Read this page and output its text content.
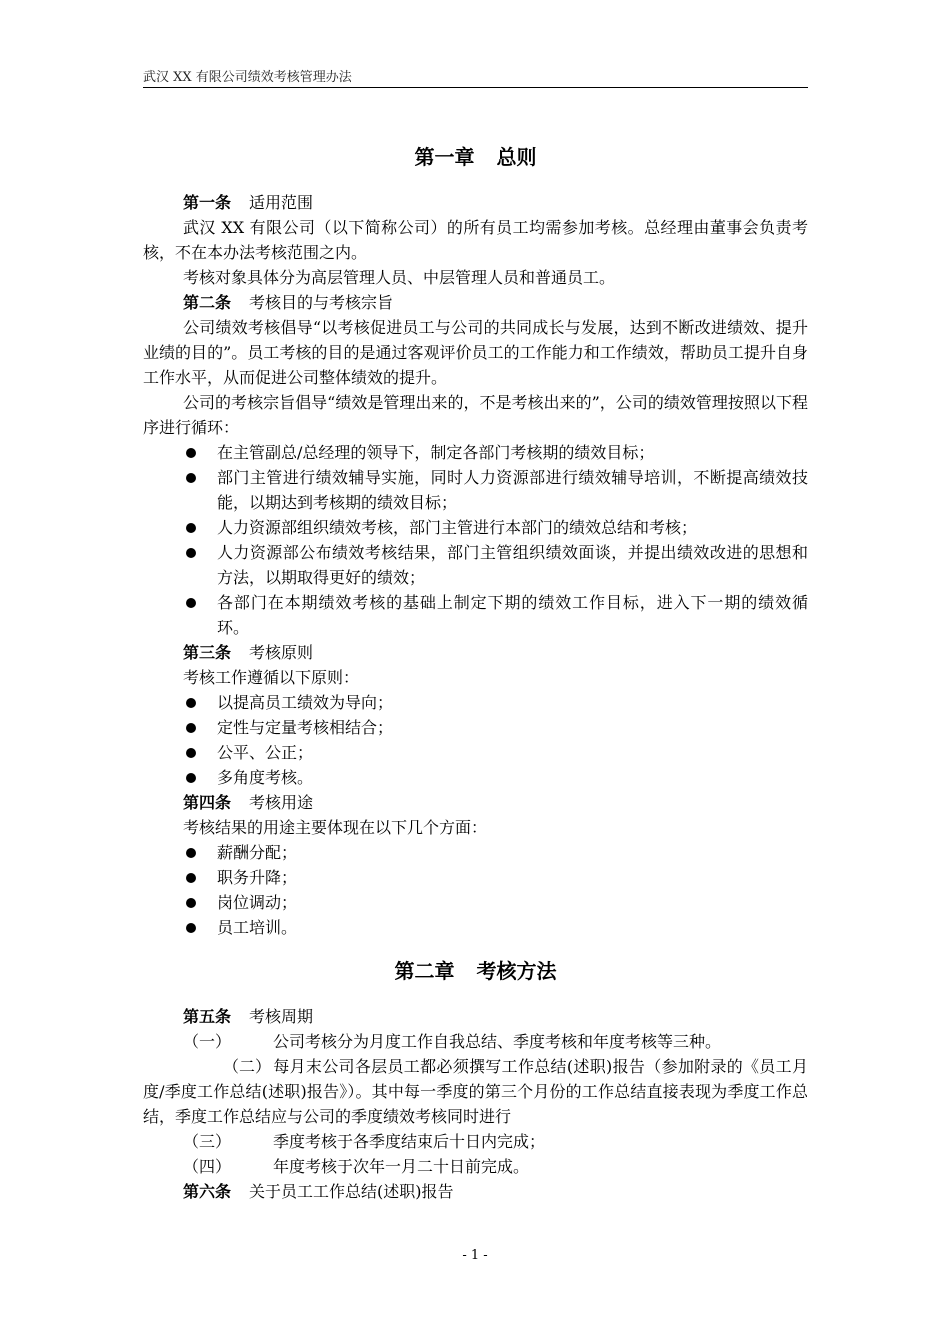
武汉 XX 有限公司绩效考核管理办法
第一章 总则
第一条 适用范围
武汉 XX 有限公司（以下简称公司）的所有员工均需参加考核。总经理由董事会负责考核，不在本办法考核范围之内。
考核对象具体分为高层管理人员、中层管理人员和普通员工。
第二条 考核目的与考核宗旨
公司绩效考核倡导“以考核促进员工与公司的共同成长与发展，达到不断改进绩效、提升业绩的目的”。员工考核的目的是通过客观评价员工的工作能力和工作绩效，帮助员工提升自身工作水平，从而促进公司整体绩效的提升。
公司的考核宗旨倡导“绩效是管理出来的，不是考核出来的”，公司的绩效管理按照以下程序进行循环：
在主管副总/总经理的领导下，制定各部门考核期的绩效目标；
部门主管进行绩效辅导实施，同时人力资源部进行绩效辅导培训，不断提高绩效技能，以期达到考核期的绩效目标；
人力资源部组织绩效考核，部门主管进行本部门的绩效总结和考核；
人力资源部公布绩效考核结果，部门主管组织绩效面谈，并提出绩效改进的思想和方法，以期取得更好的绩效；
各部门在本期绩效考核的基础上制定下期的绩效工作目标，进入下一期的绩效循环。
第三条 考核原则
考核工作遵循以下原则：
以提高员工绩效为导向；
定性与定量考核相结合；
公平、公正；
多角度考核。
第四条 考核用途
考核结果的用途主要体现在以下几个方面：
薪酬分配；
职务升降；
岗位调动；
员工培训。
第二章 考核方法
第五条 考核周期
（一）	公司考核分为月度工作自我总结、季度考核和年度考核等三种。
（二） 每月末公司各层员工都必须撰写工作总结(述职)报告（参加附录的《员工月度/季度工作总结(述职)报告》）。其中每一季度的第三个月份的工作总结直接表现为季度工作总结，季度工作总结应与公司的季度绩效考核同时进行
（三）	季度考核于各季度结束后十日内完成；
（四）	年度考核于次年一月二十日前完成。
第六条 关于员工工作总结(述职)报告
- 1 -
